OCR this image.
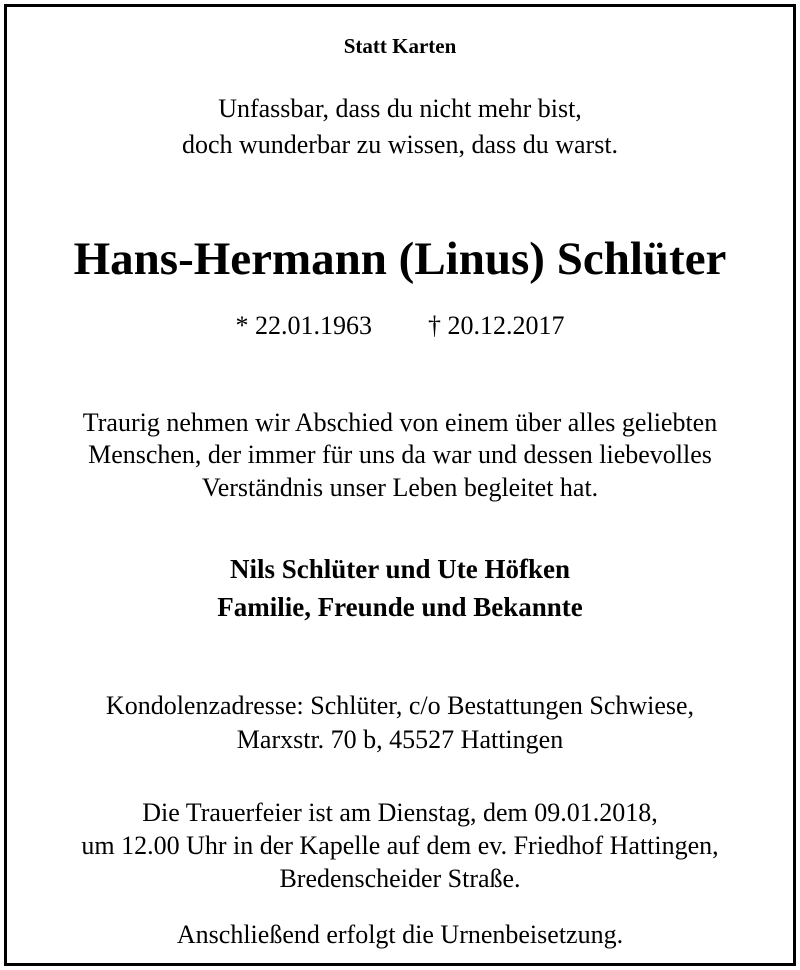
Statt Karten
Unfassbar, dass du nicht mehr bist,
doch wunderbar zu wissen, dass du warst.
Hans-Hermann (Linus) Schlüter
* 22.01.1963 † 20.12.2017
Traurig nehmen wir Abschied von einem über alles geliebten
Menschen, der immer für uns da war und dessen liebevolles
Verständnis unser Leben begleitet hat.
Nils Schlüter und Ute Höfken
Familie, Freunde und Bekannte
Kondolenzadresse: Schlüter, c/o Bestattungen Schwiese,
Marxstr. 70 b, 45527 Hattingen
Die Trauerfeier ist am Dienstag, dem 09.01.2018,
um 12.00 Uhr in der Kapelle auf dem ev. Friedhof Hattingen,
Bredenscheider Straße.
Anschließend erfolgt die Urnenbeisetzung.
